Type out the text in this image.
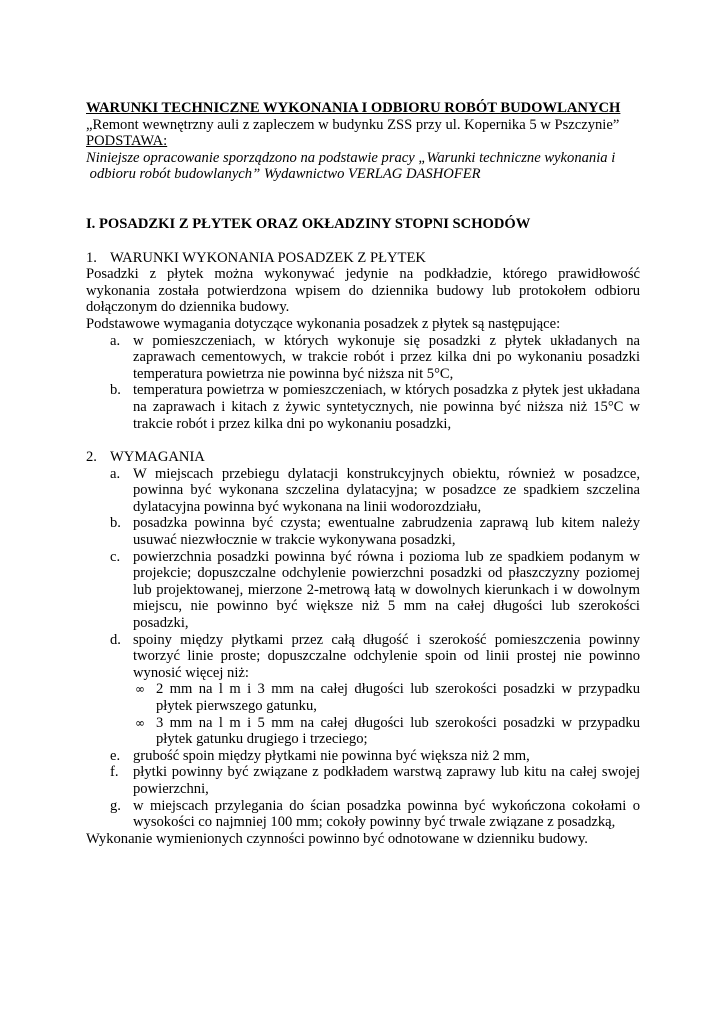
WARUNKI TECHNICZNE WYKONANIA I ODBIORU ROBÓT BUDOWLANYCH
„Remont wewnętrzny auli z zapleczem w budynku ZSS przy ul. Kopernika 5 w Pszczynie”
PODSTAWA:
Niniejsze opracowanie sporządzono na podstawie pracy „Warunki techniczne wykonania i
odbioru robót budowlanych” Wydawnictwo VERLAG DASHOFER
I. POSADZKI Z PŁYTEK ORAZ OKŁADZINY STOPNI SCHODÓW
1. WARUNKI WYKONANIA POSADZEK Z PŁYTEK
Posadzki z płytek można wykonywać jedynie na podkładzie, którego prawidłowość
wykonania została potwierdzona wpisem do dziennika budowy lub protokołem odbioru
dołączonym do dziennika budowy.
Podstawowe wymagania dotyczące wykonania posadzek z płytek są następujące:
a. w pomieszczeniach, w których wykonuje się posadzki z płytek układanych na
zaprawach cementowych, w trakcie robót i przez kilka dni po wykonaniu posadzki
temperatura powietrza nie powinna być niższa nit 5°C,
b. temperatura powietrza w pomieszczeniach, w których posadzka z płytek jest układana
na zaprawach i kitach z żywic syntetycznych, nie powinna być niższa niż 15°C w
trakcie robót i przez kilka dni po wykonaniu posadzki,
2. WYMAGANIA
a. W miejscach przebiegu dylatacji konstrukcyjnych obiektu, również w posadzce,
powinna być wykonana szczelina dylatacyjna; w posadzce ze spadkiem szczelina
dylatacyjna powinna być wykonana na linii wodorozdziału,
b. posadzka powinna być czysta; ewentualne zabrudzenia zaprawą lub kitem należy
usuwać niezwłocznie w trakcie wykonywana posadzki,
c. powierzchnia posadzki powinna być równa i pozioma lub ze spadkiem podanym w
projekcie; dopuszczalne odchylenie powierzchni posadzki od płaszczyzny poziomej
lub projektowanej, mierzone 2-metrową łatą w dowolnych kierunkach i w dowolnym
miejscu, nie powinno być większe niż 5 mm na całej długości lub szerokości
posadzki,
d. spoiny między płytkami przez całą długość i szerokość pomieszczenia powinny
tworzyć linie proste; dopuszczalne odchylenie spoin od linii prostej nie powinno
wynosić więcej niż:
∞ 2 mm na l m i 3 mm na całej długości lub szerokości posadzki w przypadku
płytek pierwszego gatunku,
∞ 3 mm na l m i 5 mm na całej długości lub szerokości posadzki w przypadku
płytek gatunku drugiego i trzeciego;
e. grubość spoin między płytkami nie powinna być większa niż 2 mm,
f. płytki powinny być związane z podkładem warstwą zaprawy lub kitu na całej swojej
powierzchni,
g. w miejscach przylegania do ścian posadzka powinna być wykończona cokołami o
wysokości co najmniej 100 mm; cokoły powinny być trwale związane z posadzką,
Wykonanie wymienionych czynności powinno być odnotowane w dzienniku budowy.
